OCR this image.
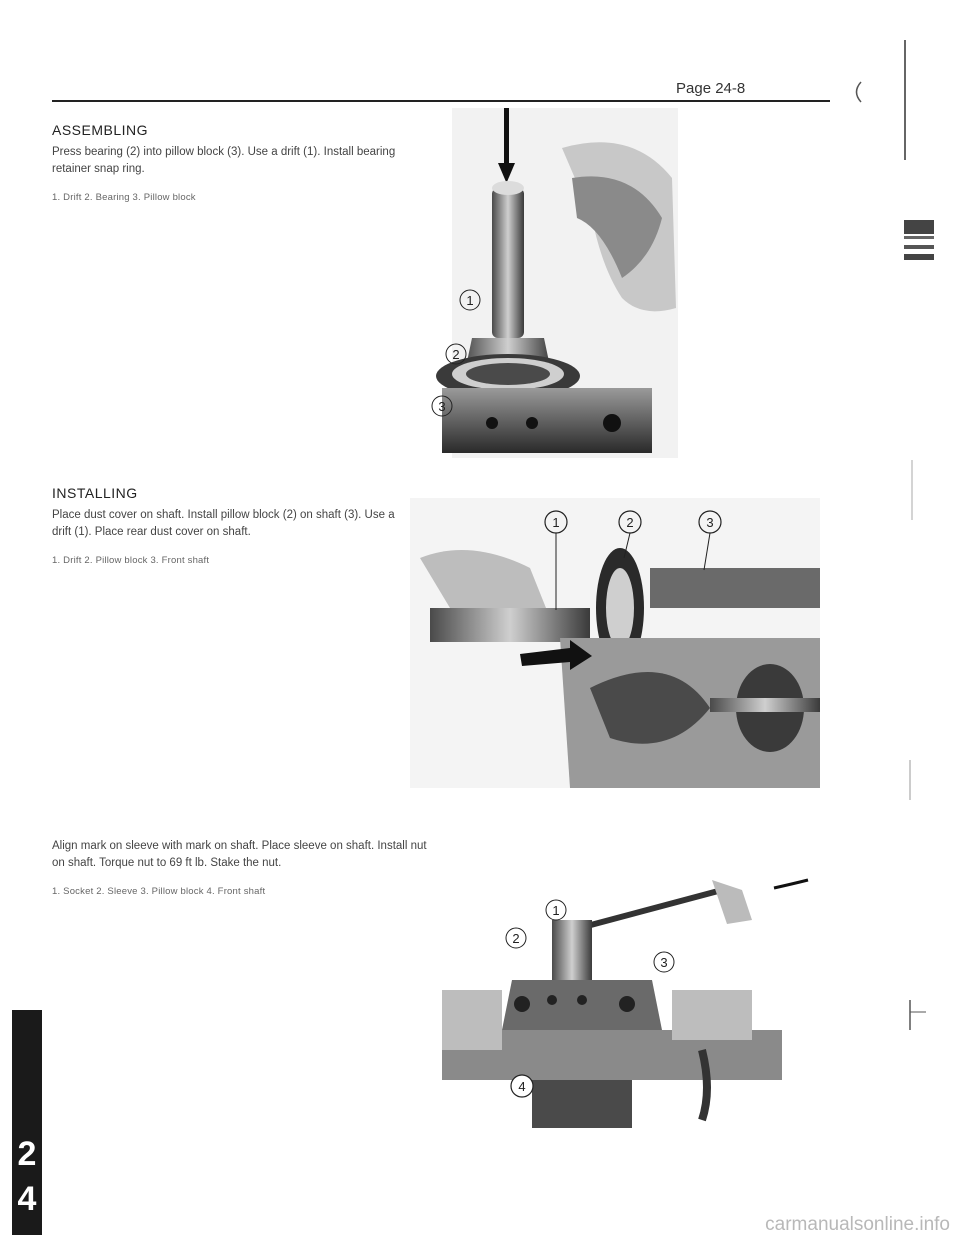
Page 24-8
ASSEMBLING

Press bearing (2) into pillow block (3). Use a drift (1). Install bearing retainer snap ring.

1. Drift 2. Bearing 3. Pillow block
1
2
3
INSTALLING

Place dust cover on shaft. Install pillow block (2) on shaft (3). Use a drift (1). Place rear dust cover on shaft.

1. Drift 2. Pillow block 3. Front shaft
1	2	3

Align mark on sleeve with mark on shaft. Place sleeve on shaft. Install nut on shaft. Torque nut to 69 ft lb. Stake the nut.

1. Socket 2. Sleeve 3. Pillow block 4. Front shaft
1
2
3
4
2
4
carmanualsonline.info
